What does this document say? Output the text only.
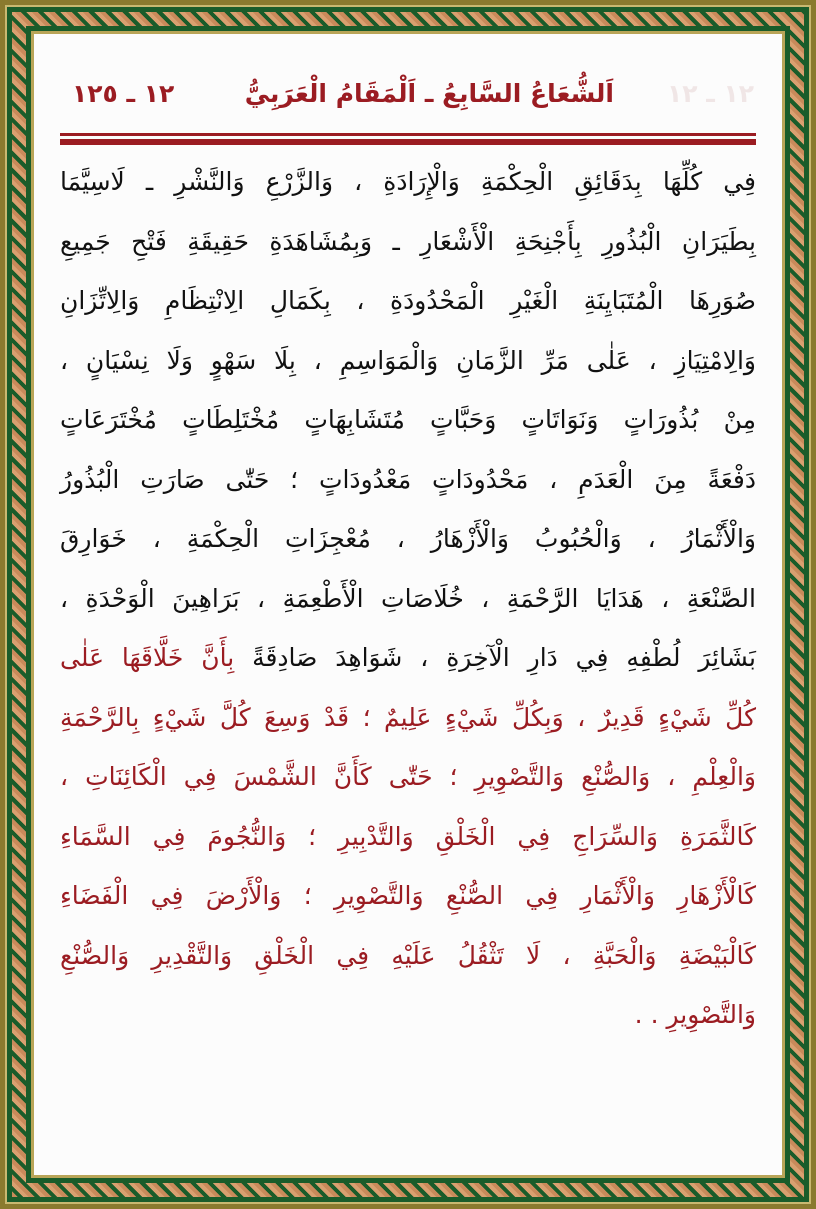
١٢ ـ ١٢
اَلشُّعَاعُ السَّابِعُ ـ اَلْمَقَامُ الْعَرَبِيُّ
١٢ ـ ١٢٥
فِي كُلِّهَا بِدَقَائِقِ الْحِكْمَةِ وَالْإِرَادَةِ ، وَالزَّرْعِ وَالنَّشْرِ ـ لَاسِيَّمَا
بِطَيَرَانِ الْبُذُورِ بِأَجْنِحَةِ الْأَشْعَارِ ـ وَبِمُشَاهَدَةِ حَقِيقَةِ فَتْحِ جَمِيعِ
صُوَرِهَا الْمُتَبَايِنَةِ الْغَيْرِ الْمَحْدُودَةِ ، بِكَمَالِ الِانْتِظَامِ وَالِاتِّزَانِ
وَالِامْتِيَازِ ، عَلٰى مَرِّ الزَّمَانِ وَالْمَوَاسِمِ ، بِلَا سَهْوٍ وَلَا نِسْيَانٍ ،
مِنْ بُذُورَاتٍ وَنَوَاتَاتٍ وَحَبَّاتٍ مُتَشَابِهَاتٍ مُخْتَلِطَاتٍ مُخْتَرَعَاتٍ
دَفْعَةً مِنَ الْعَدَمِ ، مَحْدُودَاتٍ مَعْدُودَاتٍ ؛ حَتّٰى صَارَتِ الْبُذُورُ
وَالْأَثْمَارُ ، وَالْحُبُوبُ وَالْأَزْهَارُ ، مُعْجِزَاتِ الْحِكْمَةِ ، خَوَارِقَ
الصَّنْعَةِ ، هَدَايَا الرَّحْمَةِ ، خُلَاصَاتِ الْأَطْعِمَةِ ، بَرَاهِينَ الْوَحْدَةِ ،
بَشَائِرَ لُطْفِهِ فِي دَارِ الْآخِرَةِ ، شَوَاهِدَ صَادِقَةً بِأَنَّ خَلَّاقَهَا عَلٰى
كُلِّ شَيْءٍ قَدِيرٌ ، وَبِكُلِّ شَيْءٍ عَلِيمٌ ؛ قَدْ وَسِعَ كُلَّ شَيْءٍ بِالرَّحْمَةِ
وَالْعِلْمِ ، وَالصُّنْعِ وَالتَّصْوِيرِ ؛ حَتّٰى كَأَنَّ الشَّمْسَ فِي الْكَائِنَاتِ ،
كَالثَّمَرَةِ وَالسِّرَاجِ فِي الْخَلْقِ وَالتَّدْبِيرِ ؛ وَالنُّجُومَ فِي السَّمَاءِ
كَالْأَزْهَارِ وَالْأَثْمَارِ فِي الصُّنْعِ وَالتَّصْوِيرِ ؛ وَالْأَرْضَ فِي الْفَضَاءِ
كَالْبَيْضَةِ وَالْحَبَّةِ ، لَا تَثْقُلُ عَلَيْهِ فِي الْخَلْقِ وَالتَّقْدِيرِ وَالصُّنْعِ
وَالتَّصْوِيرِ . .
